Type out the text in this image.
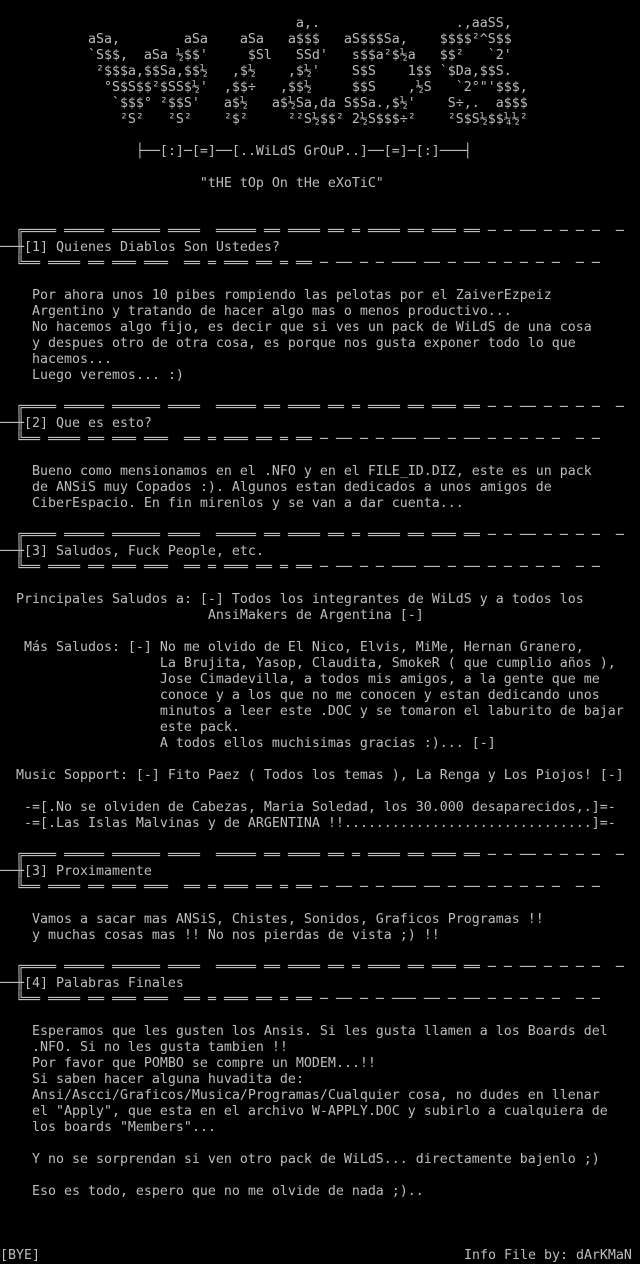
a,.                 .,aaSS,
aSa,        aSa    aSa   a$$$   aS$$$Sa,    $$$$²^S$$
`S$$,  aSa ½$$'     $Sl   SSd'   s$$a²$½a   $$²   `2'
²$$$a,$$Sa,$$½   ,$½    ,$½'    S$S    1$$ `$Da,$$S.
°S$S$$²$SS$½'  ,$$÷   ,$$½     $$S    ,½S   `2°"'$$$,
`$$$° ²$$S'   a$½   a$½Sa,da S$Sa.,$½'    S÷,.  a$$$
²S²   ²S²    ²$²     ²²S½$$² 2½S$$$÷²    ²S$S½$$¼½²
├──[:]─[=]──[..WiLdS GrOuP..]──[=]─[:]───┤
"tHE tOp On tHe eXoTiC"
╔════ ═════ ══════ ════  ═════ ══ ════ ══ ═ ════ ══ ═══ ══ ─ ─ ── ─ ─ ─ ─  ─
──╫[1] Quienes Diablos Son Ustedes?
╚══ ════ ══ ═══ ═══  ══ ═ ═══ ══ ═ ══ ─ ── ─ ─ ─── ── ─ ── ─ ─ ─ ─ ─  ─ ─
Por ahora unos 10 pibes rompiendo las pelotas por el ZaiverEzpeiz
Argentino y tratando de hacer algo mas o menos productivo...
No hacemos algo fijo, es decir que si ves un pack de WiLdS de una cosa
y despues otro de otra cosa, es porque nos gusta exponer todo lo que
hacemos...
Luego veremos... :)
╔════ ═════ ══════ ════  ═════ ══ ════ ══ ═ ════ ══ ═══ ══ ─ ─ ── ─ ─ ─ ─  ─
──╫[2] Que es esto?
╚══ ════ ══ ═══ ═══  ══ ═ ═══ ══ ═ ══ ─ ── ─ ─ ─── ── ─ ── ─ ─ ─ ─ ─  ─ ─
Bueno como mensionamos en el .NFO y en el FILE_ID.DIZ, este es un pack
de ANSiS muy Copados :). Algunos estan dedicados a unos amigos de
CiberEspacio. En fin mirenlos y se van a dar cuenta...
╔════ ═════ ══════ ════  ═════ ══ ════ ══ ═ ════ ══ ═══ ══ ─ ─ ── ─ ─ ─ ─  ─
──╫[3] Saludos, Fuck People, etc.
╚══ ════ ══ ═══ ═══  ══ ═ ═══ ══ ═ ══ ─ ── ─ ─ ─── ── ─ ── ─ ─ ─ ─ ─  ─ ─
Principales Saludos a: [-] Todos los integrantes de WiLdS y a todos los
AnsiMakers de Argentina [-]
Más Saludos: [-] No me olvido de El Nico, Elvis, MiMe, Hernan Granero,
La Brujita, Yasop, Claudita, SmokeR ( que cumplio años ),
Jose Cimadevilla, a todos mis amigos, a la gente que me
conoce y a los que no me conocen y estan dedicando unos
minutos a leer este .DOC y se tomaron el laburito de bajar
este pack.
A todos ellos muchisimas gracias :)... [-]
Music Sopport: [-] Fito Paez ( Todos los temas ), La Renga y Los Piojos! [-]
-=[.No se olviden de Cabezas, Maria Soledad, los 30.000 desaparecidos,.]=-
-=[.Las Islas Malvinas y de ARGENTINA !!...............................]=-
╔════ ═════ ══════ ════  ═════ ══ ════ ══ ═ ════ ══ ═══ ══ ─ ─ ── ─ ─ ─ ─  ─
──╫[3] Proximamente
╚══ ════ ══ ═══ ═══  ══ ═ ═══ ══ ═ ══ ─ ── ─ ─ ─── ── ─ ── ─ ─ ─ ─ ─  ─ ─
Vamos a sacar mas ANSiS, Chistes, Sonidos, Graficos Programas !!
y muchas cosas mas !! No nos pierdas de vista ;) !!
╔════ ═════ ══════ ════  ═════ ══ ════ ══ ═ ════ ══ ═══ ══ ─ ─ ── ─ ─ ─ ─  ─
──╫[4] Palabras Finales
╚══ ════ ══ ═══ ═══  ══ ═ ═══ ══ ═ ══ ─ ── ─ ─ ─── ── ─ ── ─ ─ ─ ─ ─  ─ ─
Esperamos que les gusten los Ansis. Si les gusta llamen a los Boards del
.NFO. Si no les gusta tambien !!
Por favor que POMBO se compre un MODEM...!!
Si saben hacer alguna huvadita de:
Ansi/Ascci/Graficos/Musica/Programas/Cualquier cosa, no dudes en llenar
el "Apply", que esta en el archivo W-APPLY.DOC y subirlo a cualquiera de
los boards "Members"...
Y no se sorprendan si ven otro pack de WiLdS... directamente bajenlo ;)
Eso es todo, espero que no me olvide de nada ;)..
[BYE]	Info File by: dArKMaN
